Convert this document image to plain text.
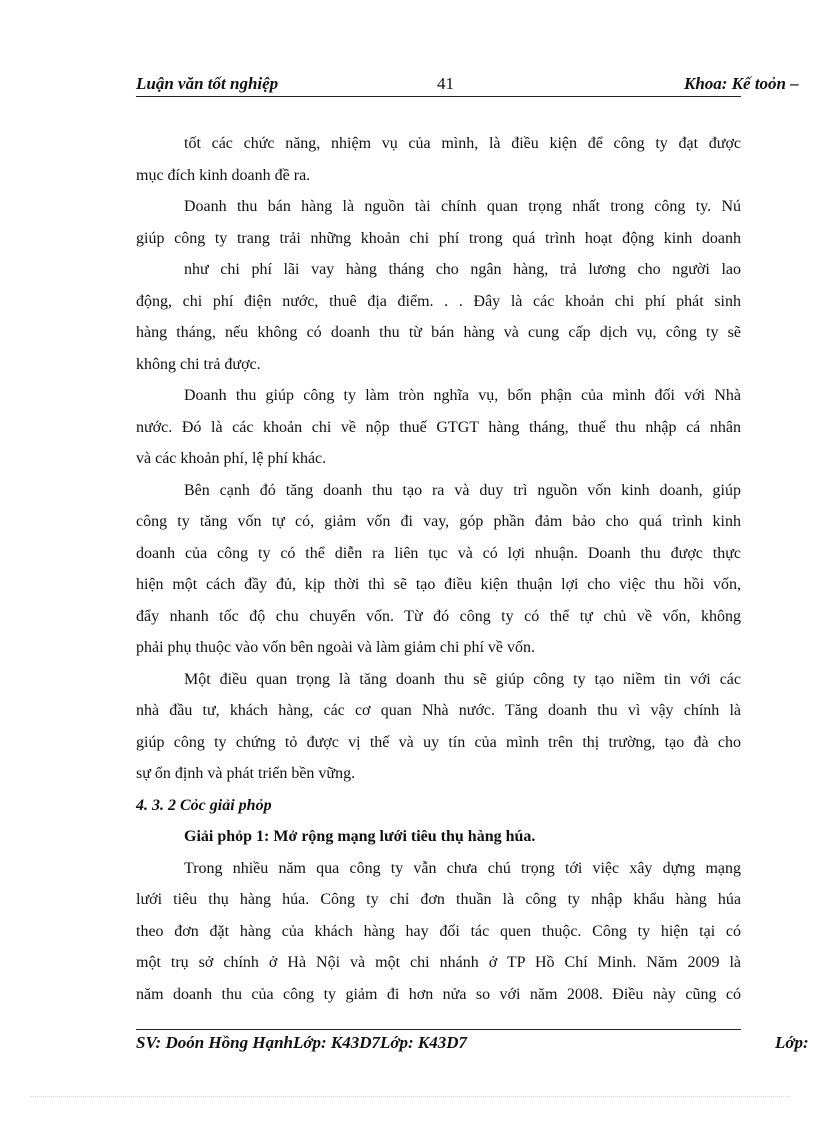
Luận văn tốt nghiệp	41	Khoa: Kế toỏn –
tốt các chức năng, nhiệm vụ của mình, là điều kiện để công ty đạt được
mục đích kinh doanh đề ra.
Doanh thu bán hàng là nguồn tài chính quan trọng nhất trong công ty. Nú
giúp công ty trang trải những khoản chi phí trong quá trình hoạt động kinh doanh
như chi phí lãi vay hàng tháng cho ngân hàng, trả lương cho người lao
động, chi phí điện nước, thuê địa điểm. . . Đây là các khoản chi phí phát sinh
hàng tháng, nếu không có doanh thu từ bán hàng và cung cấp dịch vụ, công ty sẽ
không chi trả được.
Doanh thu giúp công ty làm tròn nghĩa vụ, bổn phận của mình đối với Nhà
nước. Đó là các khoản chi về nộp thuế GTGT hàng tháng, thuế thu nhập cá nhân
và các khoản phí, lệ phí khác.
Bên cạnh đó tăng doanh thu tạo ra và duy trì nguồn vốn kinh doanh, giúp
công ty tăng vốn tự có, giảm vốn đi vay, góp phần đảm bảo cho quá trình kinh
doanh của công ty có thể diễn ra liên tục và có lợi nhuận. Doanh thu được thực
hiện một cách đầy đủ, kịp thời thì sẽ tạo điều kiện thuận lợi cho việc thu hồi vốn,
đẩy nhanh tốc độ chu chuyển vốn. Từ đó công ty có thể tự chủ về vốn, không
phải phụ thuộc vào vốn bên ngoài và làm giảm chi phí về vốn.
Một điều quan trọng là tăng doanh thu sẽ giúp công ty tạo niềm tin với các
nhà đầu tư, khách hàng, các cơ quan Nhà nước. Tăng doanh thu vì vậy chính là
giúp công ty chứng tỏ được vị thế và uy tín của mình trên thị trường, tạo đà cho
sự ổn định và phát triển bền vững.
4. 3. 2 Cỏc giải phỏp
Giải phỏp 1: Mở rộng mạng lưới tiêu thụ hàng húa.
Trong nhiều năm qua công ty vẫn chưa chú trọng tới việc xây dựng mạng
lưới tiêu thụ hàng húa. Công ty chỉ đơn thuần là công ty nhập khẩu hàng húa
theo đơn đặt hàng của khách hàng hay đối tác quen thuộc. Công ty hiện tại có
một trụ sở chính ở Hà Nội và một chi nhánh ở TP Hồ Chí Minh. Năm 2009 là
năm doanh thu của công ty giảm đi hơn nửa so với năm 2008. Điều này cũng có
SV: Doón Hồng HạnhLớp: K43D7Lớp: K43D7	Lớp:
